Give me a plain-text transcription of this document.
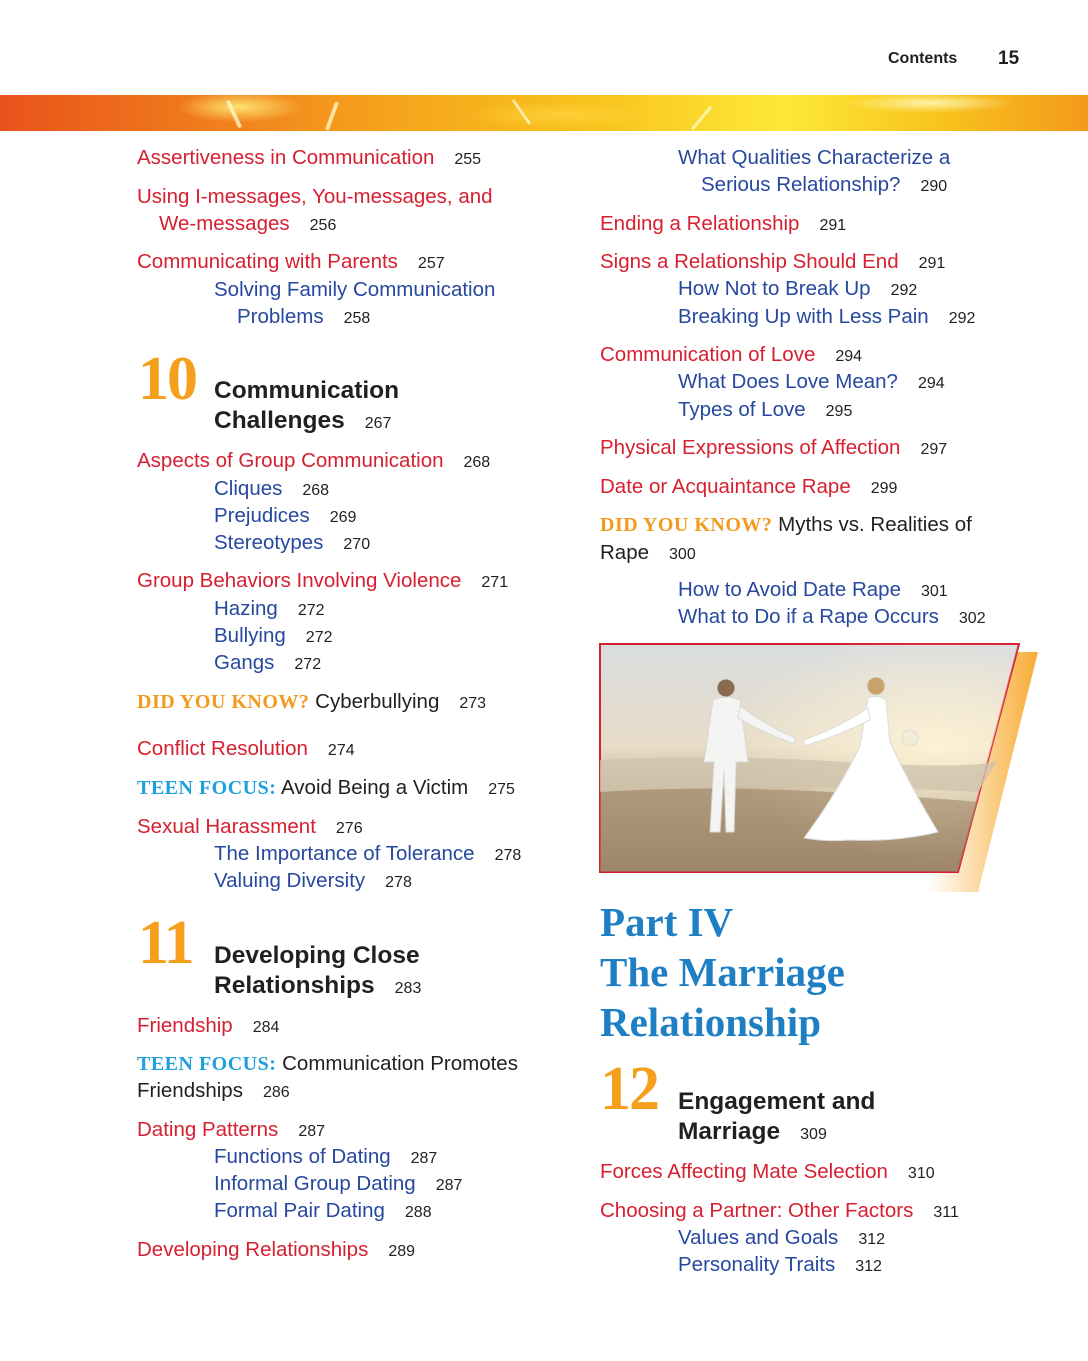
Contents 15
Assertiveness in Communication 255
Using I-messages, You-messages, and
We-messages 256
Communicating with Parents 257
Solving Family Communication
Problems 258
10 Communication
Challenges 267
Aspects of Group Communication 268
Cliques 268
Prejudices 269
Stereotypes 270
Group Behaviors Involving Violence 271
Hazing 272
Bullying 272
Gangs 272
DID YOU KNOW? Cyberbullying 273
Conflict Resolution 274
TEEN FOCUS: Avoid Being a Victim 275
Sexual Harassment 276
The Importance of Tolerance 278
Valuing Diversity 278
11 Developing Close
Relationships 283
Friendship 284
TEEN FOCUS: Communication Promotes
Friendships 286
Dating Patterns 287
Functions of Dating 287
Informal Group Dating 287
Formal Pair Dating 288
Developing Relationships 289
What Qualities Characterize a
Serious Relationship? 290
Ending a Relationship 291
Signs a Relationship Should End 291
How Not to Break Up 292
Breaking Up with Less Pain 292
Communication of Love 294
What Does Love Mean? 294
Types of Love 295
Physical Expressions of Affection 297
Date or Acquaintance Rape 299
DID YOU KNOW? Myths vs. Realities of
Rape 300
How to Avoid Date Rape 301
What to Do if a Rape Occurs 302
Part IV
The Marriage
Relationship
12 Engagement and
Marriage 309
Forces Affecting Mate Selection 310
Choosing a Partner: Other Factors 311
Values and Goals 312
Personality Traits 312
